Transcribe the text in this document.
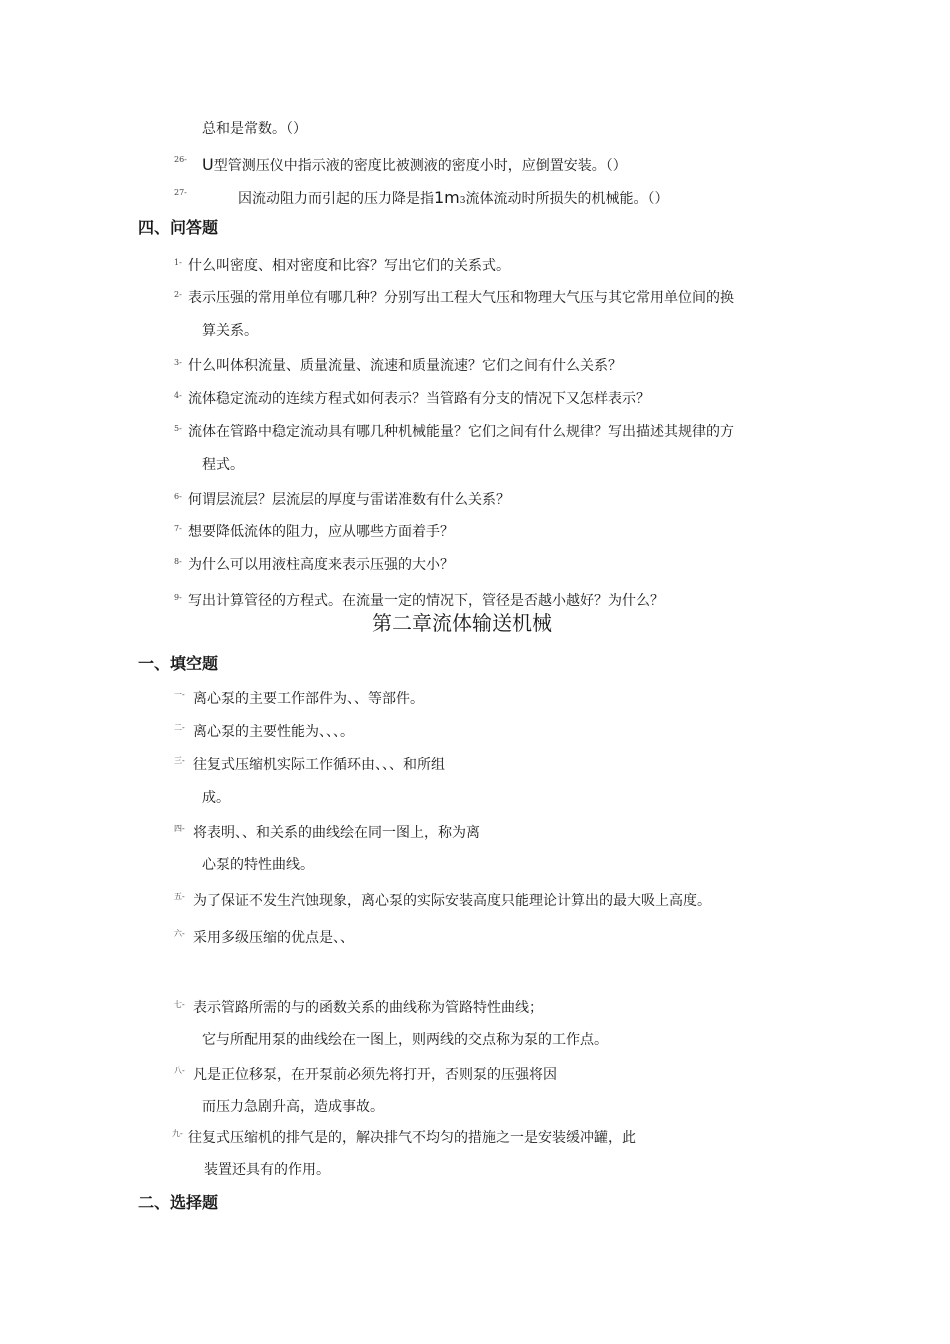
总和是常数。（）
26- U型管测压仪中指示液的密度比被测液的密度小时，应倒置安装。（）
27-	因流动阻力而引起的压力降是指1m3流体流动时所损失的机械能。（）
四、问答题
1- 什么叫密度、相对密度和比容？写出它们的关系式。
2- 表示压强的常用单位有哪几种？分别写出工程大气压和物理大气压与其它常用单位间的换
算关系。
3- 什么叫体积流量、质量流量、流速和质量流速？它们之间有什么关系？
4- 流体稳定流动的连续方程式如何表示？当管路有分支的情况下又怎样表示？
5- 流体在管路中稳定流动具有哪几种机械能量？它们之间有什么规律？写出描述其规律的方
程式。
6- 何谓层流层？层流层的厚度与雷诺准数有什么关系？
7- 想要降低流体的阻力，应从哪些方面着手？
8- 为什么可以用液柱高度来表示压强的大小？
9- 写出计算管径的方程式。在流量一定的情况下，管径是否越小越好？为什么？
第二章流体输送机械
一、填空题
一- 离心泵的主要工作部件为、、等部件。
二- 离心泵的主要性能为、、、。
三- 往复式压缩机实际工作循环由、、、和所组
成。
四- 将表明、、和关系的曲线绘在同一图上，称为离
心泵的特性曲线。
五- 为了保证不发生汽蚀现象，离心泵的实际安装高度只能理论计算出的最大吸上高度。
六- 采用多级压缩的优点是、、
七- 表示管路所需的与的函数关系的曲线称为管路特性曲线；
它与所配用泵的曲线绘在一图上，则两线的交点称为泵的工作点。
八- 凡是正位移泵，在开泵前必须先将打开，否则泵的压强将因
而压力急剧升高，造成事故。
九- 往复式压缩机的排气是的，解决排气不均匀的措施之一是安装缓冲罐，此
装置还具有的作用。
二、选择题
